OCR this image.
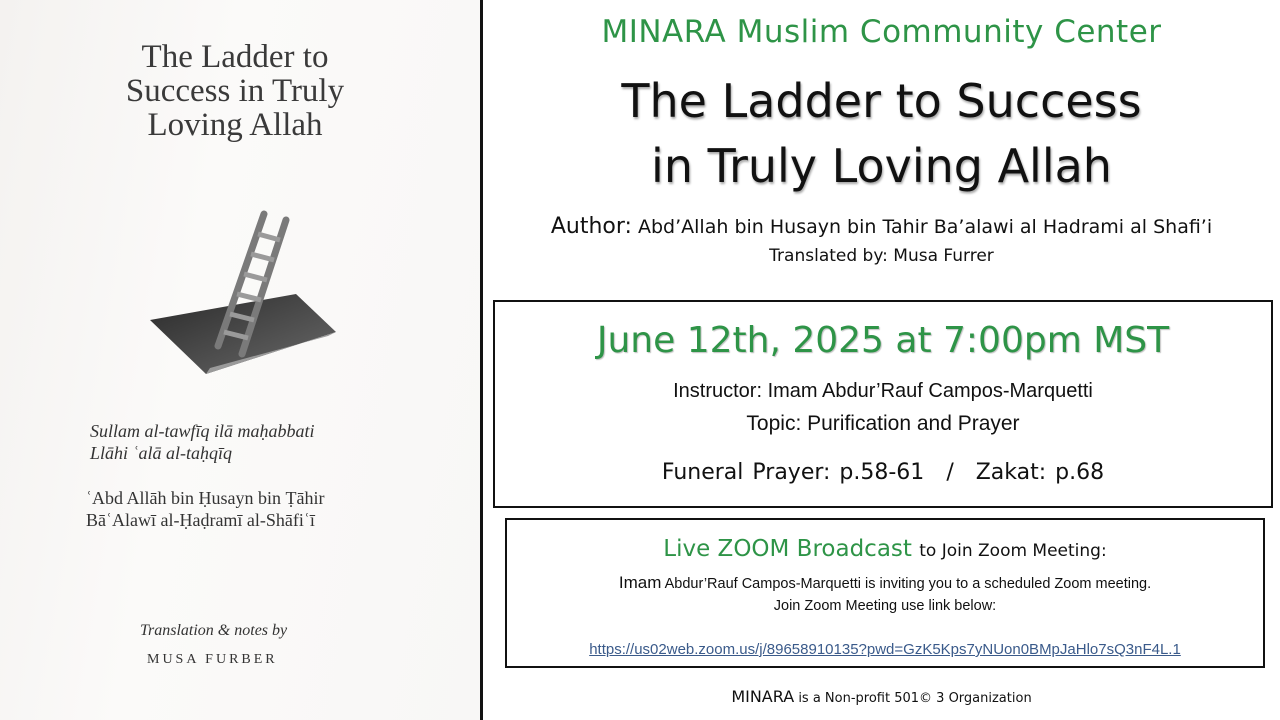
The Ladder to
Success in Truly
Loving Allah
Sullam al-tawfīq ilā maḥabbati
Llāhi ʿalā al-taḥqīq
ʿAbd Allāh bin Ḥusayn bin Ṭāhir
BāʿAlawī al-Ḥaḍramī al-Shāfiʿī
Translation & notes by
MUSA FURBER
MINARA Muslim Community Center
The Ladder to Success
in Truly Loving Allah
Author: Abd’Allah bin Husayn bin Tahir Ba’alawi al Hadrami al Shafi’i
Translated by: Musa Furrer
June 12th, 2025 at 7:00pm MST
Instructor: Imam Abdur’Rauf Campos-Marquetti
Topic: Purification and Prayer
Funeral Prayer: p.58-61 / Zakat: p.68
Live ZOOM Broadcast to Join Zoom Meeting:
Imam Abdur’Rauf Campos-Marquetti is inviting you to a scheduled Zoom meeting.
Join Zoom Meeting use link below:
https://us02web.zoom.us/j/89658910135?pwd=GzK5Kps7yNUon0BMpJaHlo7sQ3nF4L.1
MINARA is a Non-profit 501© 3 Organization
